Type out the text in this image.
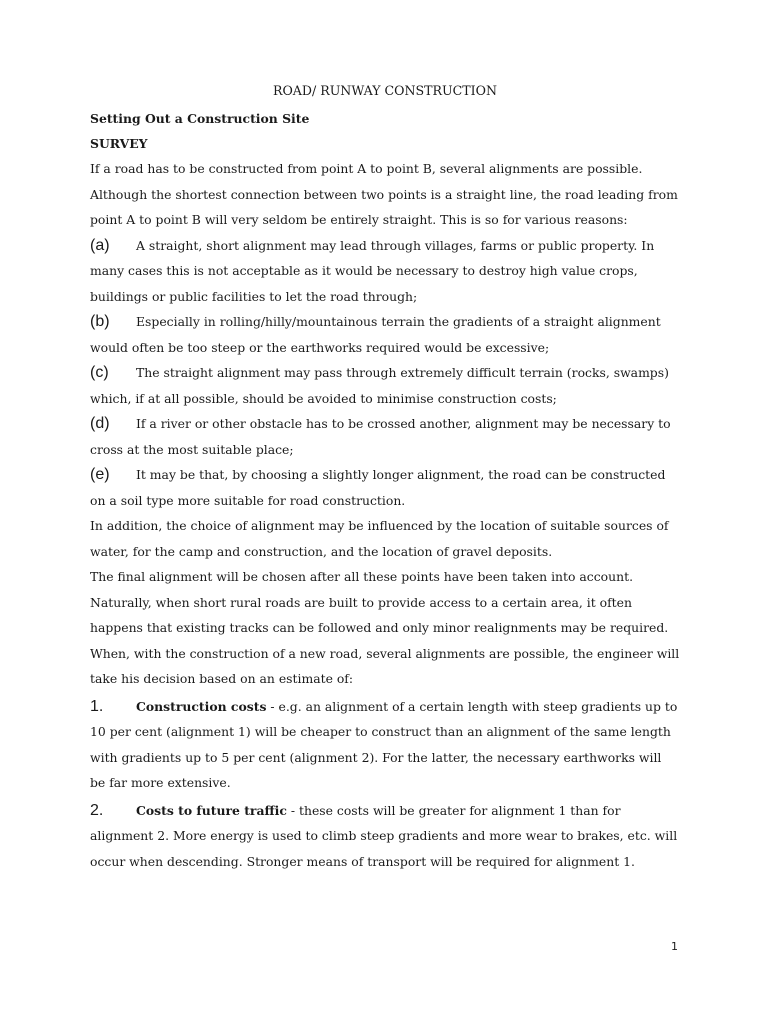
ROAD/ RUNWAY CONSTRUCTION
Setting Out a Construction Site
SURVEY

If a road has to be constructed from point A to point B, several alignments are possible. Although the shortest connection between two points is a straight line, the road leading from point A to point B will very seldom be entirely straight. This is so for various reasons:

(a) A straight, short alignment may lead through villages, farms or public property. In many cases this is not acceptable as it would be necessary to destroy high value crops, buildings or public facilities to let the road through;
(b) Especially in rolling/hilly/mountainous terrain the gradients of a straight alignment would often be too steep or the earthworks required would be excessive;
(c) The straight alignment may pass through extremely difficult terrain (rocks, swamps) which, if at all possible, should be avoided to minimise construction costs;
(d) If a river or other obstacle has to be crossed another, alignment may be necessary to cross at the most suitable place;
(e) It may be that, by choosing a slightly longer alignment, the road can be constructed on a soil type more suitable for road construction.

In addition, the choice of alignment may be influenced by the location of suitable sources of water, for the camp and construction, and the location of gravel deposits.

The final alignment will be chosen after all these points have been taken into account. Naturally, when short rural roads are built to provide access to a certain area, it often happens that existing tracks can be followed and only minor realignments may be required.

When, with the construction of a new road, several alignments are possible, the engineer will take his decision based on an estimate of:

1.	Construction costs - e.g. an alignment of a certain length with steep gradients up to 10 per cent (alignment 1) will be cheaper to construct than an alignment of the same length with gradients up to 5 per cent (alignment 2). For the latter, the necessary earthworks will be far more extensive.
2.	Costs to future traffic - these costs will be greater for alignment 1 than for alignment 2. More energy is used to climb steep gradients and more wear to brakes, etc. will occur when descending. Stronger means of transport will be required for alignment 1.
1
